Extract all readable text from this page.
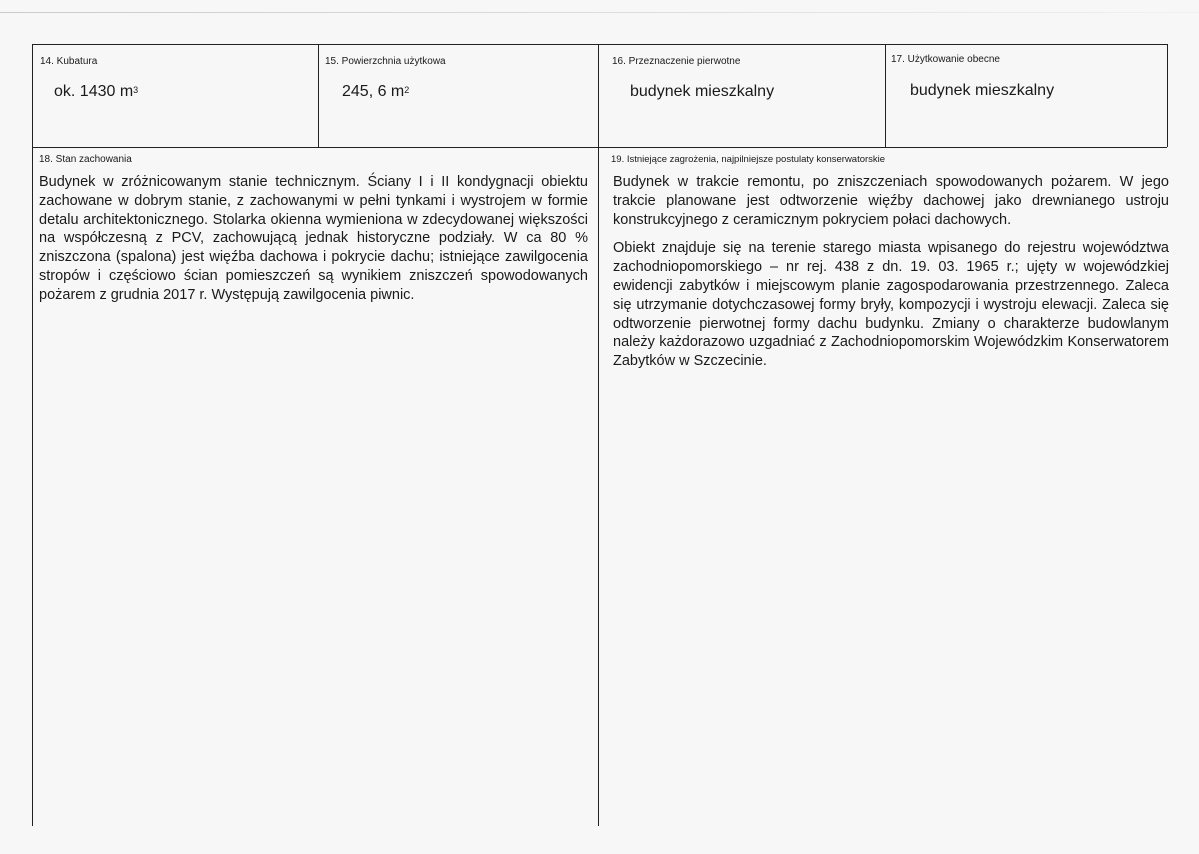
14. Kubatura
ok. 1430 $m^3$
15. Powierzchnia użytkowa
245, 6 $m^2$
16. Przeznaczenie pierwotne
budynek mieszkalny
17. Użytkowanie obecne
budynek mieszkalny
18. Stan zachowania
Budynek w zróżnicowanym stanie technicznym. Ściany I i II kondygnacji obiektu zachowane w dobrym stanie, z zachowanymi w pełni tynkami i wystrojem w formie detalu architektonicznego. Stolarka okienna wymieniona w zdecydowanej większości na współczesną z PCV, zachowującą jednak historyczne podziały. W ca 80 % zniszczona (spalona) jest więźba dachowa i pokrycie dachu; istniejące zawilgocenia stropów i częściowo ścian pomieszczeń są wynikiem zniszczeń spowodowanych pożarem z grudnia 2017 r. Występują zawilgocenia piwnic.
19. Istniejące zagrożenia, najpilniejsze postulaty konserwatorskie

Budynek w trakcie remontu, po zniszczeniach spowodowanych pożarem. W jego trakcie planowane jest odtworzenie więźby dachowej jako drewnianego ustroju konstrukcyjnego z ceramicznym pokryciem połaci dachowych.

Obiekt znajduje się na terenie starego miasta wpisanego do rejestru województwa zachodniopomorskiego – nr rej. 438 z dn. 19. 03. 1965 r.; ujęty w wojewódzkiej ewidencji zabytków i miejscowym planie zagospodarowania przestrzennego. Zaleca się utrzymanie dotychczasowej formy bryły, kompozycji i wystroju elewacji. Zaleca się odtworzenie pierwotnej formy dachu budynku. Zmiany o charakterze budowlanym należy każdorazowo uzgadniać z Zachodniopomorskim Wojewódzkim Konserwatorem Zabytków w Szczecinie.
